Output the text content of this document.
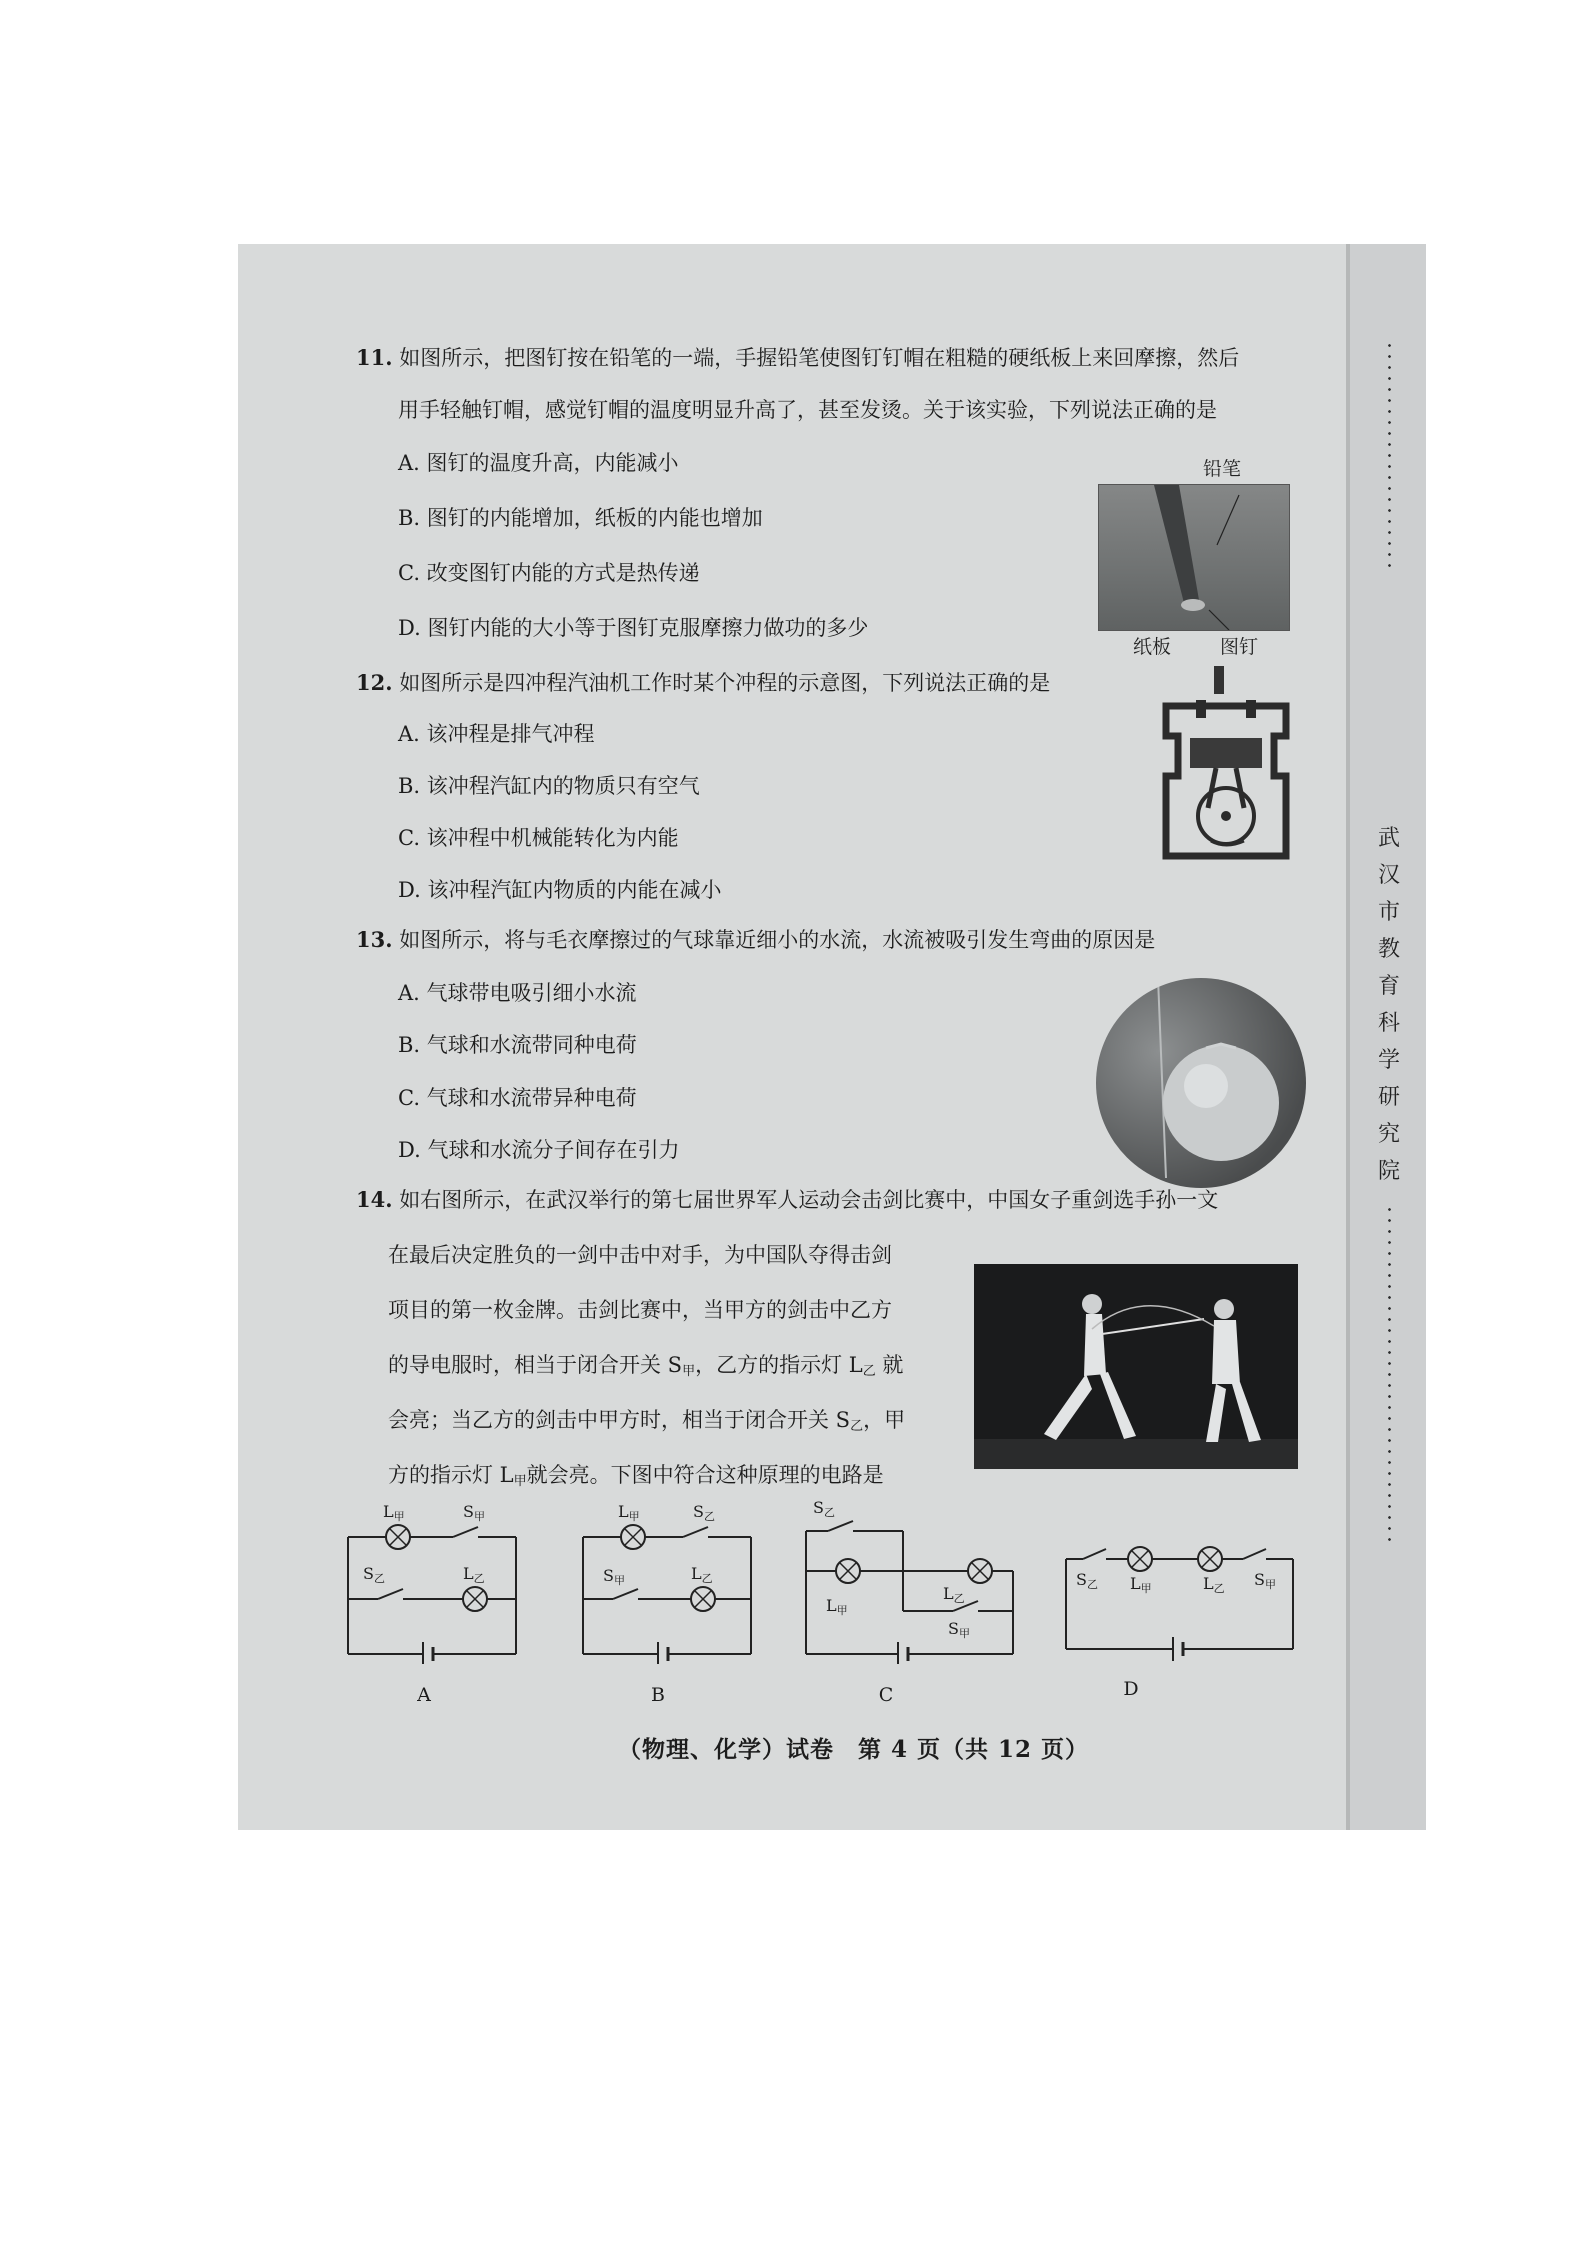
11. 如图所示，把图钉按在铅笔的一端，手握铅笔使图钉钉帽在粗糙的硬纸板上来回摩擦，然后
用手轻触钉帽，感觉钉帽的温度明显升高了，甚至发烫。关于该实验，下列说法正确的是
A. 图钉的温度升高，内能减小
B. 图钉的内能增加，纸板的内能也增加
C. 改变图钉内能的方式是热传递
D. 图钉内能的大小等于图钉克服摩擦力做功的多少
铅笔
纸板	图钉
12. 如图所示是四冲程汽油机工作时某个冲程的示意图，下列说法正确的是
A. 该冲程是排气冲程
B. 该冲程汽缸内的物质只有空气
C. 该冲程中机械能转化为内能
D. 该冲程汽缸内物质的内能在减小
13. 如图所示，将与毛衣摩擦过的气球靠近细小的水流，水流被吸引发生弯曲的原因是
A. 气球带电吸引细小水流
B. 气球和水流带同种电荷
C. 气球和水流带异种电荷
D. 气球和水流分子间存在引力
14. 如右图所示，在武汉举行的第七届世界军人运动会击剑比赛中，中国女子重剑选手孙一文
在最后决定胜负的一剑中击中对手，为中国队夺得击剑
项目的第一枚金牌。击剑比赛中，当甲方的剑击中乙方
的导电服时，相当于闭合开关 $S_甲$，乙方的指示灯 $L_乙$ 就
会亮；当乙方的剑击中甲方时，相当于闭合开关 $S_乙$，甲
方的指示灯 $L_甲$就会亮。下图中符合这种原理的电路是
L甲	S甲
S乙	L乙
A
L甲	S乙
S甲	L乙
B
S乙
L甲
L乙
S甲
C
S乙 L甲	L乙 S甲
D
（物理、化学）试卷　第 4 页（共 12 页）
武
汉
市
教
育
科
学
研
究
院
